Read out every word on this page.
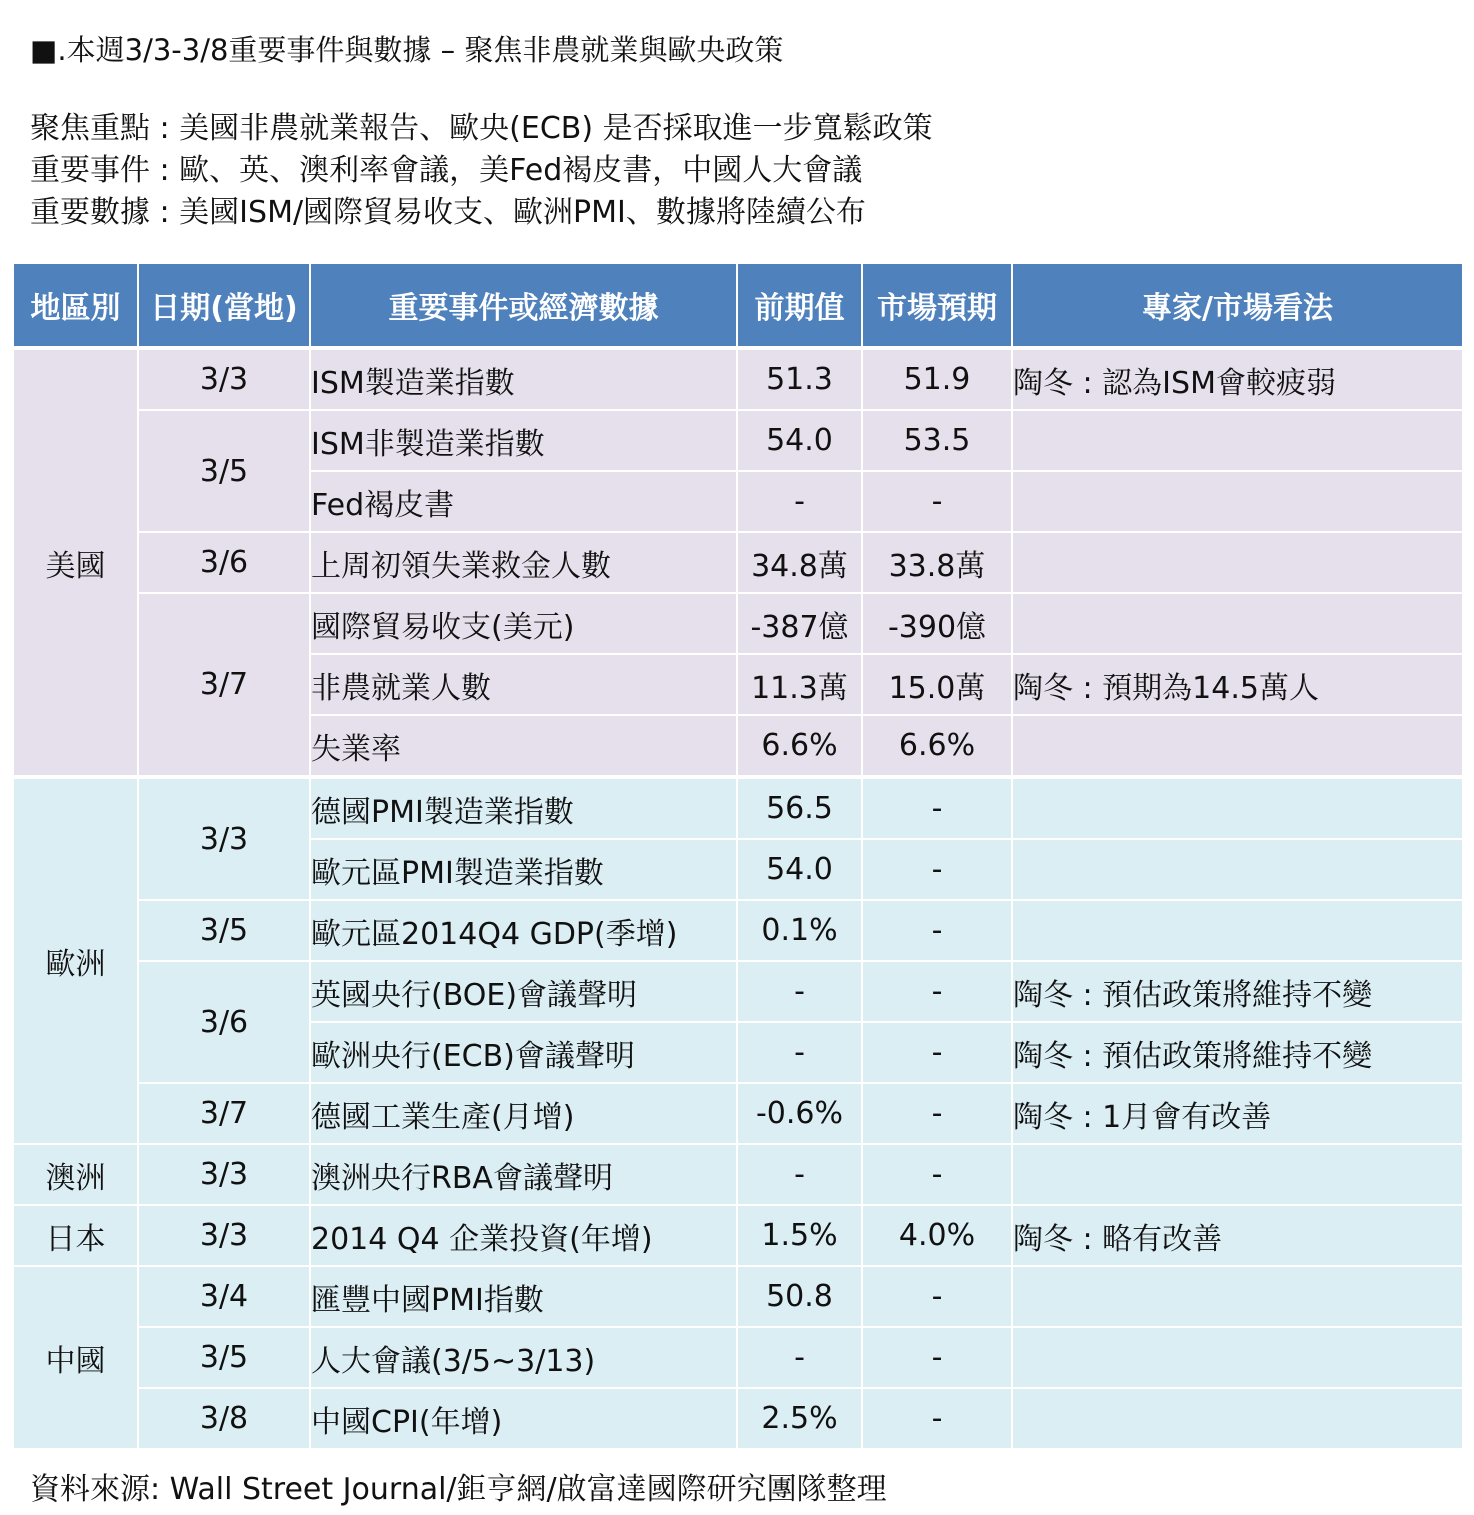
■.本週3/3-3/8重要事件與數據 – 聚焦非農就業與歐央政策
聚焦重點 : 美國非農就業報告、歐央(ECB) 是否採取進一步寬鬆政策
重要事件 : 歐、英、澳利率會議，美Fed褐皮書，中國人大會議
重要數據 : 美國ISM/國際貿易收支、歐洲PMI、數據將陸續公布
地區別	日期(當地)	重要事件或經濟數據	前期值	市場預期	專家/市場看法
美國	3/3	ISM製造業指數	51.3	51.9	陶冬 : 認為ISM會較疲弱
	3/5	ISM非製造業指數	54.0	53.5	
		Fed褐皮書	-	-	
	3/6	上周初領失業救金人數	34.8萬	33.8萬	
	3/7	國際貿易收支(美元)	-387億	-390億	
		非農就業人數	11.3萬	15.0萬	陶冬 : 預期為14.5萬人
		失業率	6.6%	6.6%	
歐洲	3/3	德國PMI製造業指數	56.5	-	
		歐元區PMI製造業指數	54.0	-	
	3/5	歐元區2014Q4 GDP(季增)	0.1%	-	
	3/6	英國央行(BOE)會議聲明	-	-	陶冬 : 預估政策將維持不變
		歐洲央行(ECB)會議聲明	-	-	陶冬 : 預估政策將維持不變
	3/7	德國工業生產(月增)	-0.6%	-	陶冬 : 1月會有改善
澳洲	3/3	澳洲央行RBA會議聲明	-	-	
日本	3/3	2014 Q4 企業投資(年增)	1.5%	4.0%	陶冬 : 略有改善
中國	3/4	匯豐中國PMI指數	50.8	-	
	3/5	人大會議(3/5~3/13)	-	-	
	3/8	中國CPI(年增)	2.5%	-	
資料來源: Wall Street Journal/鉅亨網/啟富達國際研究團隊整理
